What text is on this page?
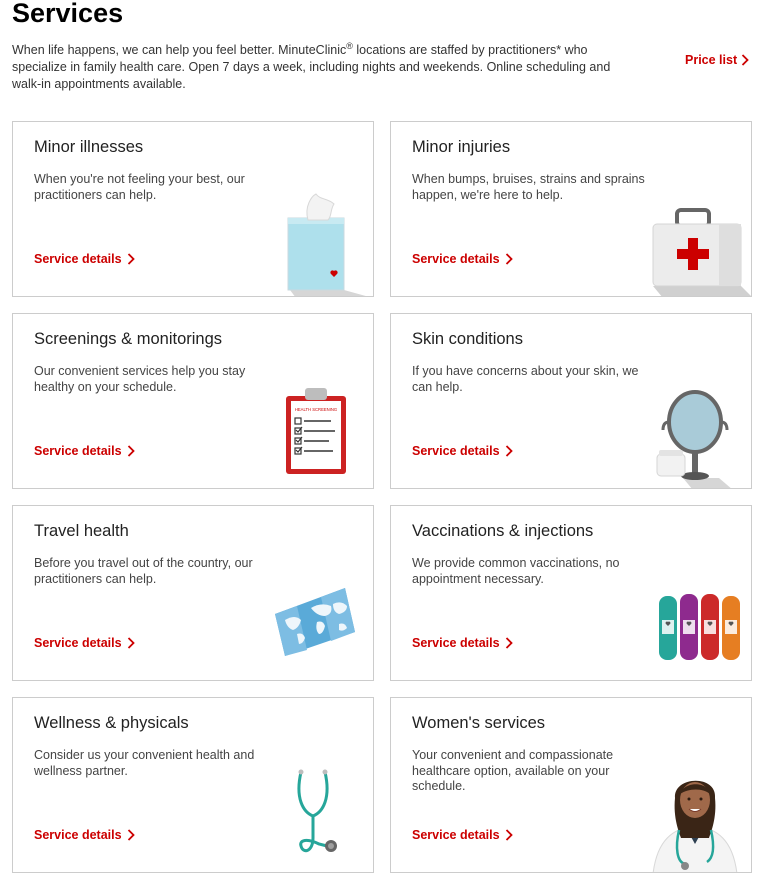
Services

When life happens, we can help you feel better. MinuteClinic® locations are staffed by practitioners* who specialize in family health care. Open 7 days a week, including nights and weekends. Online scheduling and walk-in appointments available.

Price list
Minor illnesses
When you're not feeling your best, our practitioners can help.
Service details
Minor injuries
When bumps, bruises, strains and sprains happen, we're here to help.
Service details
Screenings & monitorings
Our convenient services help you stay healthy on your schedule.
Service details
HEALTH SCREENING
Skin conditions
If you have concerns about your skin, we can help.
Service details
Travel health
Before you travel out of the country, our practitioners can help.
Service details
Vaccinations & injections
We provide common vaccinations, no appointment necessary.
Service details
Wellness & physicals
Consider us your convenient health and wellness partner.
Service details
Women's services
Your convenient and compassionate healthcare option, available on your schedule.
Service details
